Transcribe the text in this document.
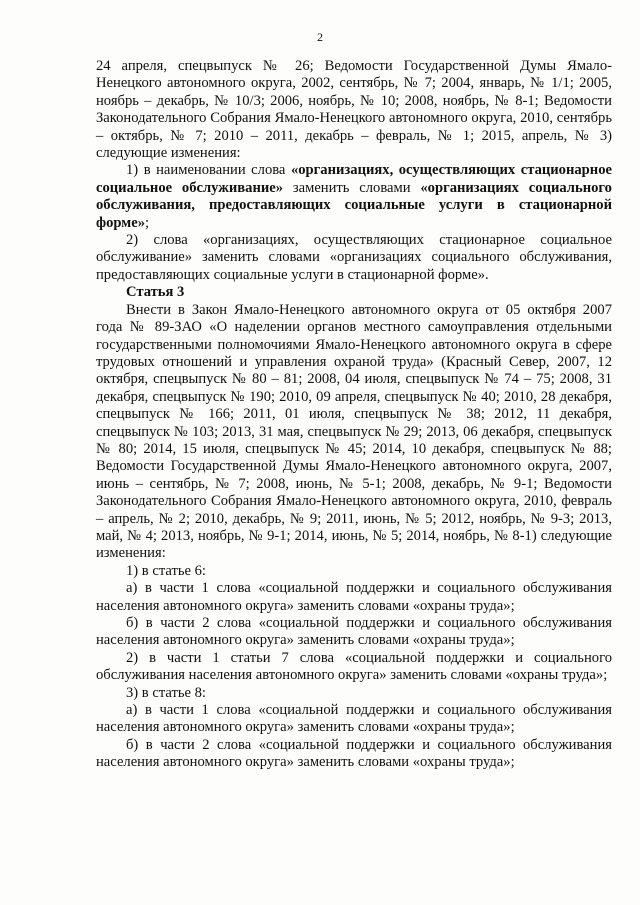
2

24 апреля, спецвыпуск № 26; Ведомости Государственной Думы Ямало-Ненецкого автономного округа, 2002, сентябрь, № 7; 2004, январь, № 1/1; 2005, ноябрь – декабрь, № 10/3; 2006, ноябрь, № 10; 2008, ноябрь, № 8-1; Ведомости Законодательного Собрания Ямало-Ненецкого автономного округа, 2010, сентябрь – октябрь, № 7; 2010 – 2011, декабрь – февраль, № 1; 2015, апрель, № 3) следующие изменения:

1) в наименовании слова «организациях, осуществляющих стационарное социальное обслуживание» заменить словами «организациях социального обслуживания, предоставляющих социальные услуги в стационарной форме»;

2) слова «организациях, осуществляющих стационарное социальное обслуживание» заменить словами «организациях социального обслуживания, предоставляющих социальные услуги в стационарной форме».

Статья 3

Внести в Закон Ямало-Ненецкого автономного округа от 05 октября 2007 года № 89-ЗАО «О наделении органов местного самоуправления отдельными государственными полномочиями Ямало-Ненецкого автономного округа в сфере трудовых отношений и управления охраной труда» (Красный Север, 2007, 12 октября, спецвыпуск № 80 – 81; 2008, 04 июля, спецвыпуск № 74 – 75; 2008, 31 декабря, спецвыпуск № 190; 2010, 09 апреля, спецвыпуск № 40; 2010, 28 декабря, спецвыпуск № 166; 2011, 01 июля, спецвыпуск № 38; 2012, 11 декабря, спецвыпуск № 103; 2013, 31 мая, спецвыпуск № 29; 2013, 06 декабря, спецвыпуск № 80; 2014, 15 июля, спецвыпуск № 45; 2014, 10 декабря, спецвыпуск № 88; Ведомости Государственной Думы Ямало-Ненецкого автономного округа, 2007, июнь – сентябрь, № 7; 2008, июнь, № 5-1; 2008, декабрь, № 9-1; Ведомости Законодательного Собрания Ямало-Ненецкого автономного округа, 2010, февраль – апрель, № 2; 2010, декабрь, № 9; 2011, июнь, № 5; 2012, ноябрь, № 9-3; 2013, май, № 4; 2013, ноябрь, № 9-1; 2014, июнь, № 5; 2014, ноябрь, № 8-1) следующие изменения:

1) в статье 6:

а) в части 1 слова «социальной поддержки и социального обслуживания населения автономного округа» заменить словами «охраны труда»;

б) в части 2 слова «социальной поддержки и социального обслуживания населения автономного округа» заменить словами «охраны труда»;

2) в части 1 статьи 7 слова «социальной поддержки и социального обслуживания населения автономного округа» заменить словами «охраны труда»;

3) в статье 8:

а) в части 1 слова «социальной поддержки и социального обслуживания населения автономного округа» заменить словами «охраны труда»;

б) в части 2 слова «социальной поддержки и социального обслуживания населения автономного округа» заменить словами «охраны труда»;
